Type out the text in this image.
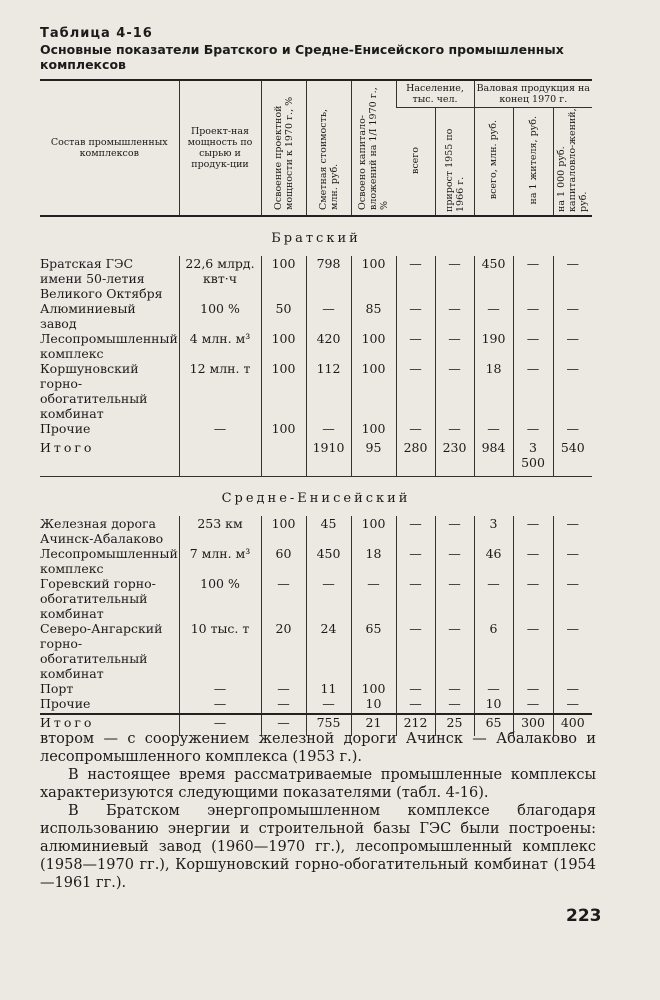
Таблица 4-16
Основные показатели Братского и Средне-Енисейского промышленных комплексов
Состав промышленных комплексов	Проект-ная мощность по сырью и продук-ции	Освоение проектной мощности к 1970 г., %	Сметная стоимость, млн. руб.	Освоено капитало-вложений на 1/I 1970 г., %	Население, тыс. чел.		Валовая продукция на конец 1970 г.		
					всего	прирост 1955 по 1966 г.	всего, млн. руб.	на 1 жителя, руб.	на 1 000 руб. капиталовло-жений, руб.
Братский									
Братская ГЭС имени 50-летия Великого Октября	22,6 млрд. квт·ч	100	798	100	—	—	450	—	—
Алюминиевый завод	100 %	50	—	85	—	—	—	—	—
Лесопромышленный комплекс	4 млн. м³	100	420	100	—	—	190	—	—
Коршуновский горно-обогатительный комбинат	12 млн. т	100	112	100	—	—	18	—	—
Прочие	—	100	—	100	—	—	—	—	—
Итого			1910	95	280	230	984	3 500	540
Средне-Енисейский									
Железная дорога Ачинск-Абалаково	253 км	100	45	100	—	—	3	—	—
Лесопромышленный комплекс	7 млн. м³	60	450	18	—	—	46	—	—
Горевский горно-обогатительный комбинат	100 %	—	—	—	—	—	—	—	—
Северо-Ангарский горно-обогатительный комбинат	10 тыс. т	20	24	65	—	—	6	—	—
Порт	—	—	11	100	—	—	—	—	—
Прочие	—	—	—	10	—	—	10	—	—
Итого	—	—	755	21	212	25	65	300	400

втором — с сооружением железной дороги Ачинск — Абалаково и лесопромышленного комплекса (1953 г.).

В настоящее время рассматриваемые промышленные комплексы характеризуются следующими показателями (табл. 4-16).

В Братском энергопромышленном комплексе благодаря использованию энергии и строительной базы ГЭС были построены: алюминиевый завод (1960—1970 гг.), лесопромышленный комплекс (1958—1970 гг.), Коршуновский горно-обогатительный комбинат (1954—1961 гг.).

223
